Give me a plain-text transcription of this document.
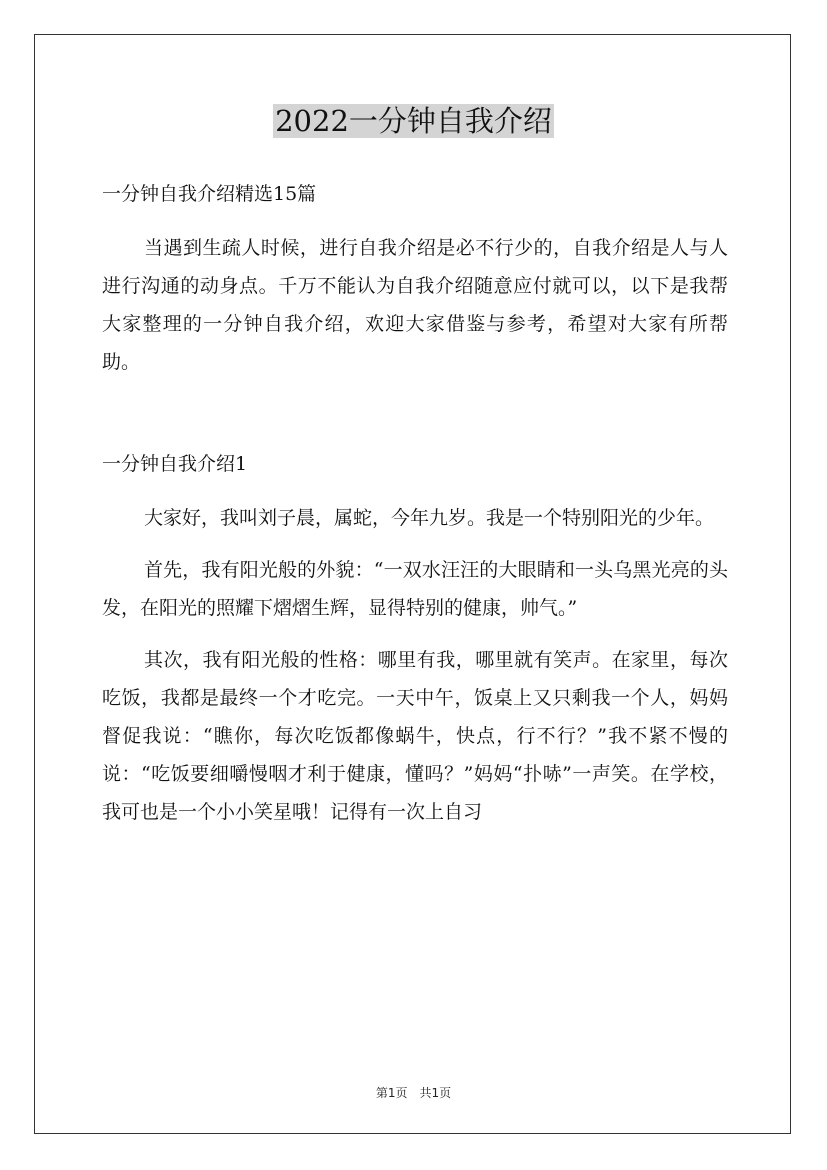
2022一分钟自我介绍

一分钟自我介绍精选15篇

当遇到生疏人时候，进行自我介绍是必不行少的，自我介绍是人与人进行沟通的动身点。千万不能认为自我介绍随意应付就可以，以下是我帮大家整理的一分钟自我介绍，欢迎大家借鉴与参考，希望对大家有所帮助。

一分钟自我介绍1

大家好，我叫刘子晨，属蛇，今年九岁。我是一个特别阳光的少年。

首先，我有阳光般的外貌：“一双水汪汪的大眼睛和一头乌黑光亮的头发，在阳光的照耀下熠熠生辉，显得特别的健康，帅气。”

其次，我有阳光般的性格：哪里有我，哪里就有笑声。在家里，每次吃饭，我都是最终一个才吃完。一天中午，饭桌上又只剩我一个人，妈妈督促我说：“瞧你，每次吃饭都像蜗牛，快点，行不行？”我不紧不慢的说：“吃饭要细嚼慢咽才利于健康，懂吗？”妈妈“扑哧”一声笑。在学校，我可也是一个小小笑星哦！记得有一次上自习

第1页 共1页
